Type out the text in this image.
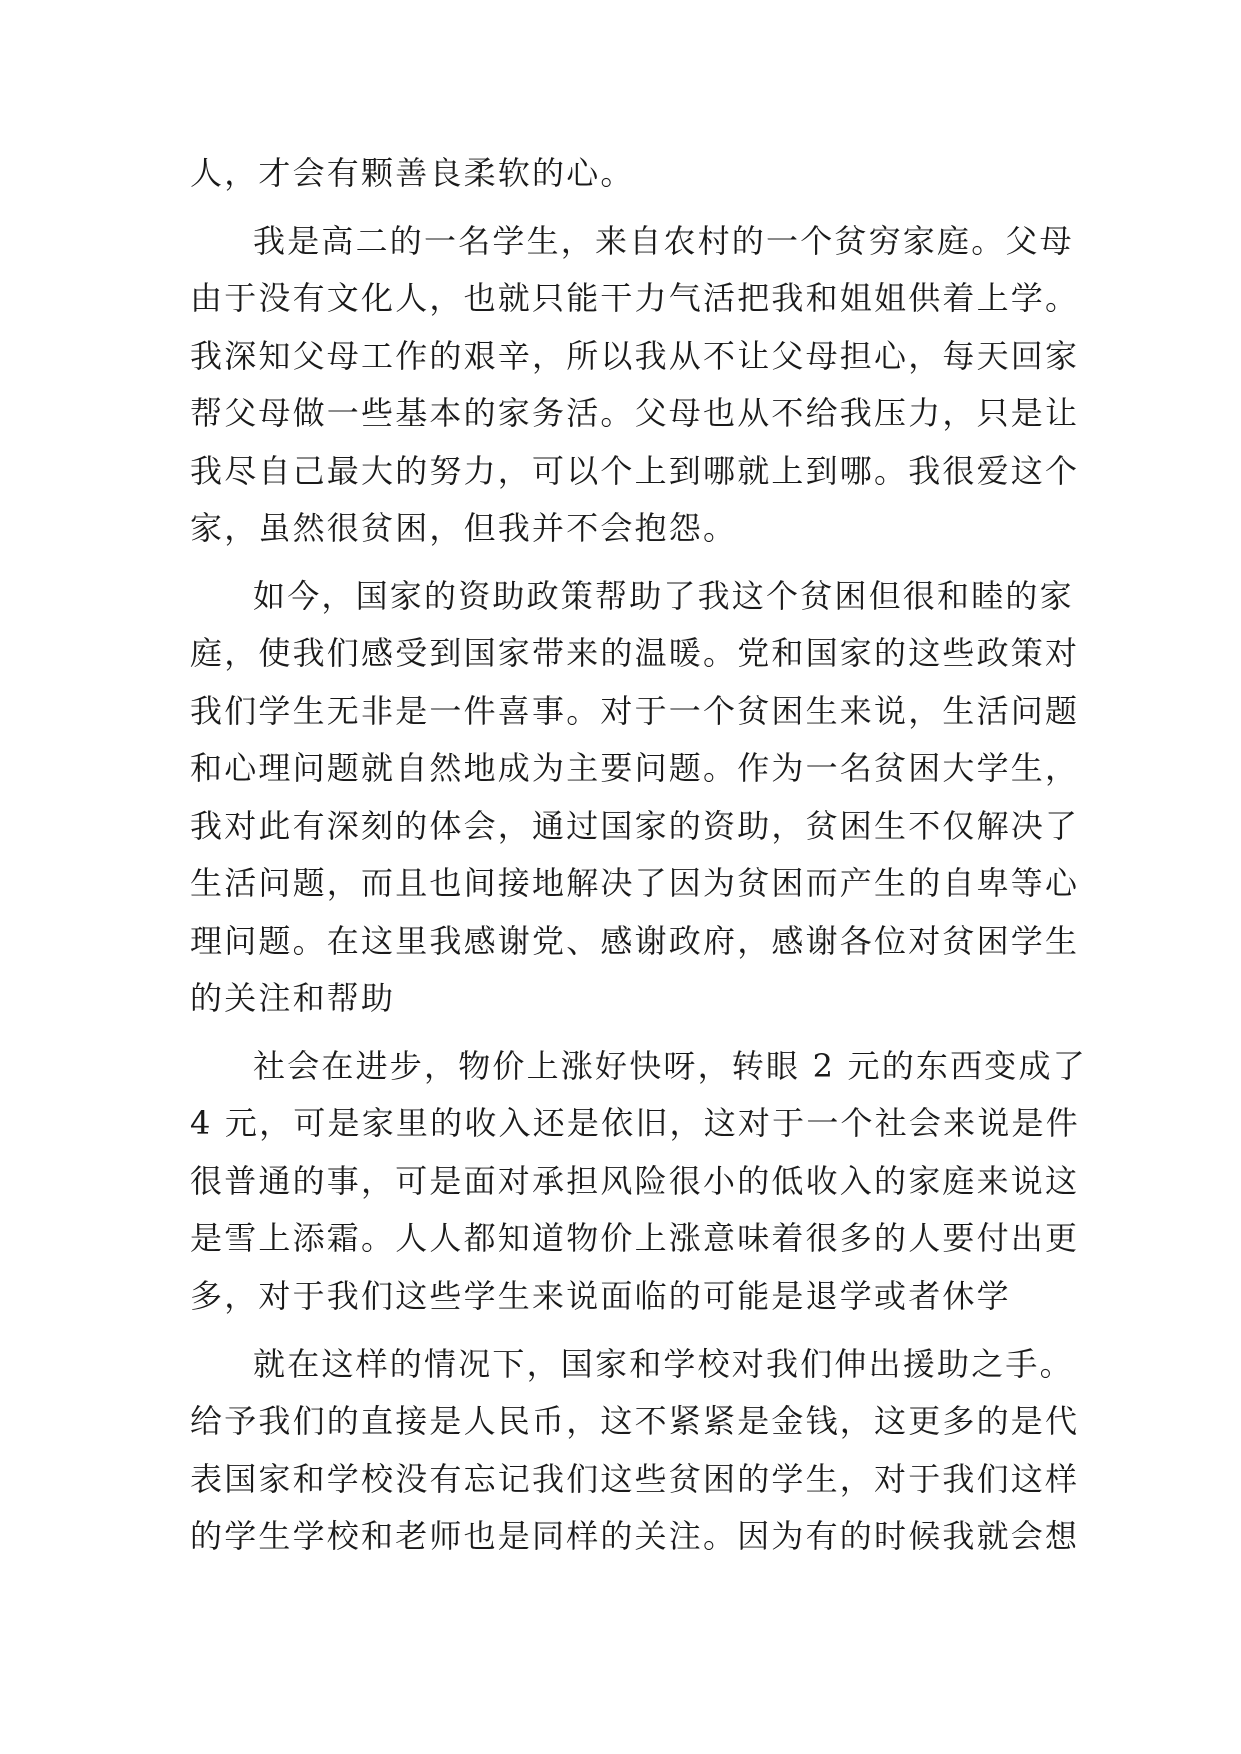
人，才会有颗善良柔软的心。
我是高二的一名学生，来自农村的一个贫穷家庭。父母
由于没有文化人，也就只能干力气活把我和姐姐供着上学。
我深知父母工作的艰辛，所以我从不让父母担心，每天回家
帮父母做一些基本的家务活。父母也从不给我压力，只是让
我尽自己最大的努力，可以个上到哪就上到哪。我很爱这个
家，虽然很贫困，但我并不会抱怨。
如今，国家的资助政策帮助了我这个贫困但很和睦的家
庭，使我们感受到国家带来的温暖。党和国家的这些政策对
我们学生无非是一件喜事。对于一个贫困生来说，生活问题
和心理问题就自然地成为主要问题。作为一名贫困大学生，
我对此有深刻的体会，通过国家的资助，贫困生不仅解决了
生活问题，而且也间接地解决了因为贫困而产生的自卑等心
理问题。在这里我感谢党、感谢政府，感谢各位对贫困学生
的关注和帮助
社会在进步，物价上涨好快呀，转眼 2 元的东西变成了
4 元，可是家里的收入还是依旧，这对于一个社会来说是件
很普通的事，可是面对承担风险很小的低收入的家庭来说这
是雪上添霜。人人都知道物价上涨意味着很多的人要付出更
多，对于我们这些学生来说面临的可能是退学或者休学
就在这样的情况下，国家和学校对我们伸出援助之手。
给予我们的直接是人民币，这不紧紧是金钱，这更多的是代
表国家和学校没有忘记我们这些贫困的学生，对于我们这样
的学生学校和老师也是同样的关注。因为有的时候我就会想
